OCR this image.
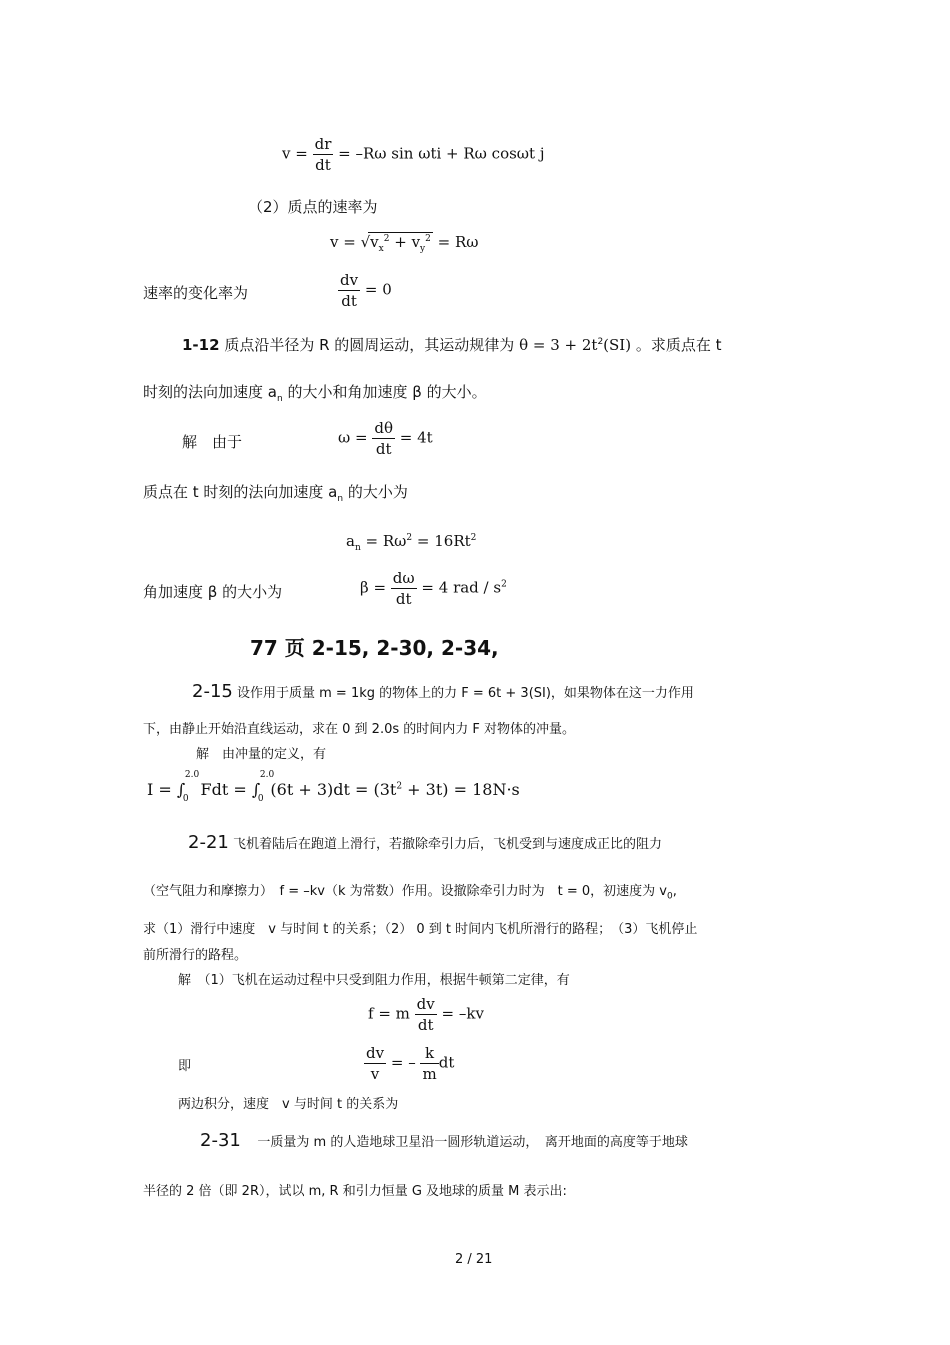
$v = \frac{dr}{dt} = -R\omega$ sin ωti + Rω cosωt j
（2）质点的速率为
$v = √v_x^2 + v_y^2 = R\omega$
速率的变化率为	$\frac{dv}{dt} = 0$
1-12 质点沿半径为 R 的圆周运动，其运动规律为 $\theta = 3 + 2t^2(SI)$ 。求质点在 t
时刻的法向加速度 $a_n$ 的大小和角加速度 β 的大小。
解　由于	$\omega = \frac{d\theta}{dt} = 4t$
质点在 t 时刻的法向加速度 $a_n$ 的大小为
$a_n = R\omega^2 = 16Rt^2$
角加速度 β 的大小为	$\beta = \frac{d\omega}{dt} = 4$ rad / $s^2$
77 页 2-15, 2-30, 2-34,
2-15 设作用于质量 m = 1kg 的物体上的力 F = 6t + 3(SI)，如果物体在这一力作用
下，由静止开始沿直线运动，求在 0 到 2.0s 的时间内力 F 对物体的冲量。
解　由冲量的定义，有
I = ∫
2.0
0 Fdt = ∫
2.0
0 $(6t + 3)dt = (3t^2 + 3t) = 18N\cdot s$
2-21 飞机着陆后在跑道上滑行，若撤除牵引力后，飞机受到与速度成正比的阻力
（空气阻力和摩擦力）　f = –kv（k 为常数）作用。设撤除牵引力时为　t = 0，初速度为 $v_0$,
求（1）滑行中速度　v 与时间 t 的关系；（2） 0 到 t 时间内飞机所滑行的路程；　（3）飞机停止
前所滑行的路程。
解　（1）飞机在运动过程中只受到阻力作用，根据牛顿第二定律，有
f = m $\frac{dv}{dt} = -kv$
即	$\frac{dv}{v}$ = – $\frac{k}{m}$ dt
两边积分，速度　v 与时间 t 的关系为
2-31 一质量为 m 的人造地球卫星沿一圆形轨道运动，　离开地面的高度等于地球
半径的 2 倍（即 2R），试以 m, R 和引力恒量 G 及地球的质量 M 表示出:
2 / 21
